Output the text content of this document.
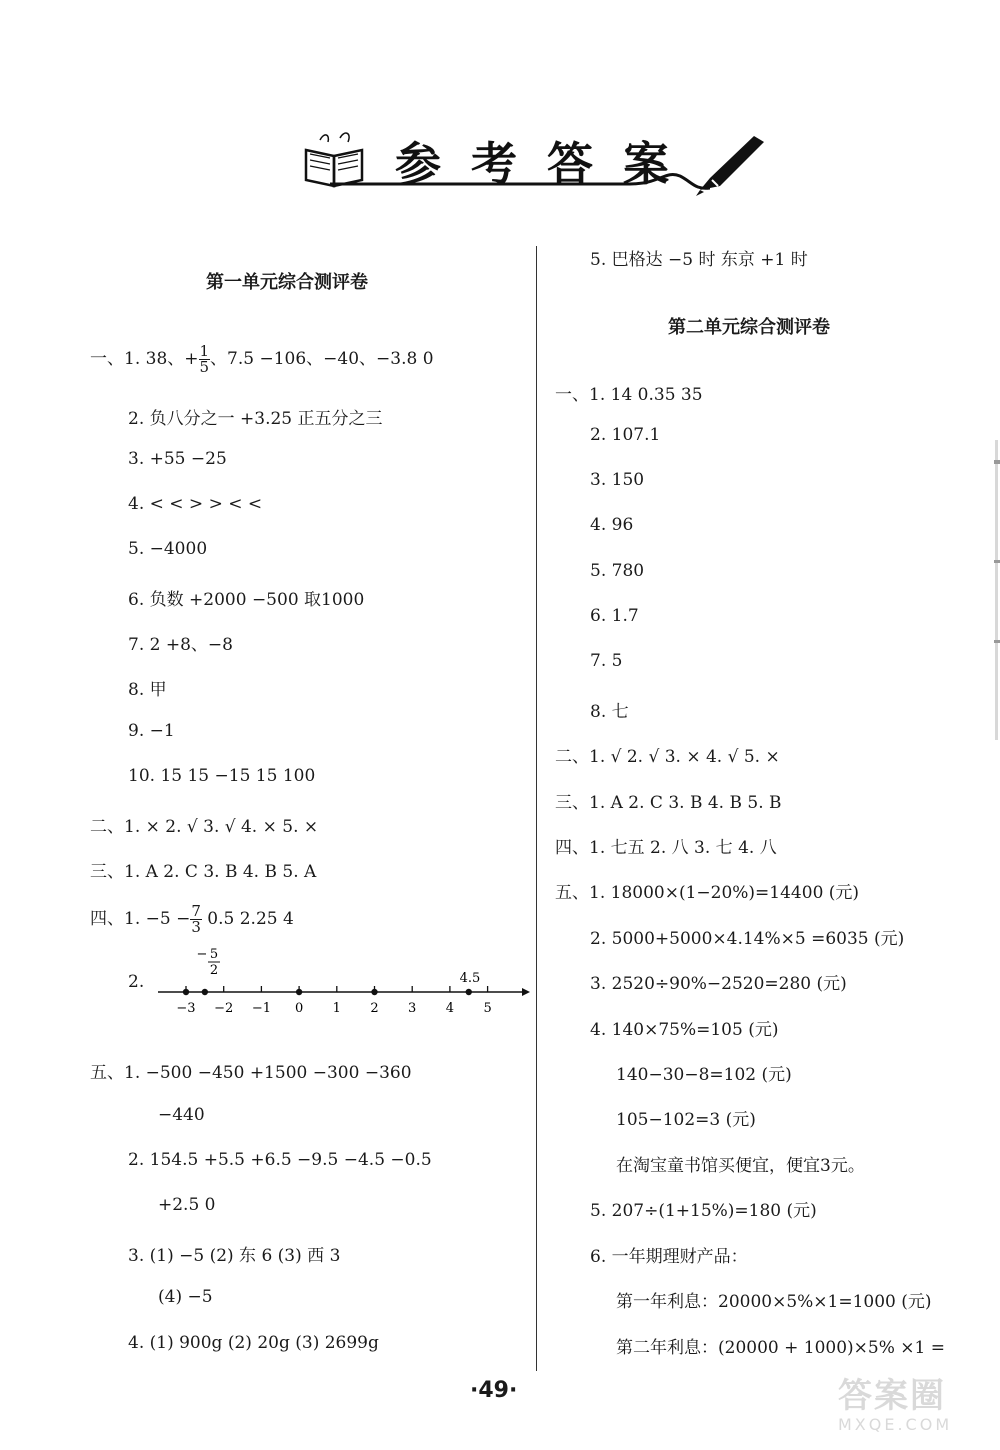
参考答案
第一单元综合测评卷
一、1. 38、+ $\frac{1}{5}$ 、7.5 −106、−40、−3.8 0
2. 负八分之一 +3.25 正五分之三
3. +55 −25
4. < < > > < <
5. −4000
6. 负数 +2000 −500 取1000
7. 2 +8、−8
8. 甲
9. −1
10. 15 15 −15 15 100
二、1. × 2. √ 3. √ 4. × 5. ×
三、1. A 2. C 3. B 4. B 5. A
四、1. $-5 - \frac{7}{3} 0.5$ 2.25 4
2.
−3 −2 −1 0 1 2 3 4 5
− 5
2
4.5
五、1. −500 −450 +1500 −300 −360
−440
2. 154.5 +5.5 +6.5 −9.5 −4.5 −0.5
+2.5 0
3. (1) −5 (2) 东 6 (3) 西 3
(4) −5
4. (1) 900g (2) 20g (3) 2699g
5. 巴格达 −5 时 东京 +1 时
第二单元综合测评卷
一、1. 14 0.35 35
2. 107.1
3. 150
4. 96
5. 780
6. 1.7
7. 5
8. 七
二、1. √ 2. √ 3. × 4. √ 5. ×
三、1. A 2. C 3. B 4. B 5. B
四、1. 七五 2. 八 3. 七 4. 八
五、1. 18000×(1−20%)=14400 (元)
2. 5000+5000×4.14%×5 =6035 (元)
3. 2520÷90%−2520=280 (元)
4. 140×75%=105 (元)
140−30−8=102 (元)
105−102=3 (元)
在淘宝童书馆买便宜，便宜3元。
5. 207÷(1+15%)=180 (元)
6. 一年期理财产品：
第一年利息：20000×5%×1=1000 (元)
第二年利息：(20000 + 1000)×5% ×1 =
·49·	答案圈
MXQE.COM
